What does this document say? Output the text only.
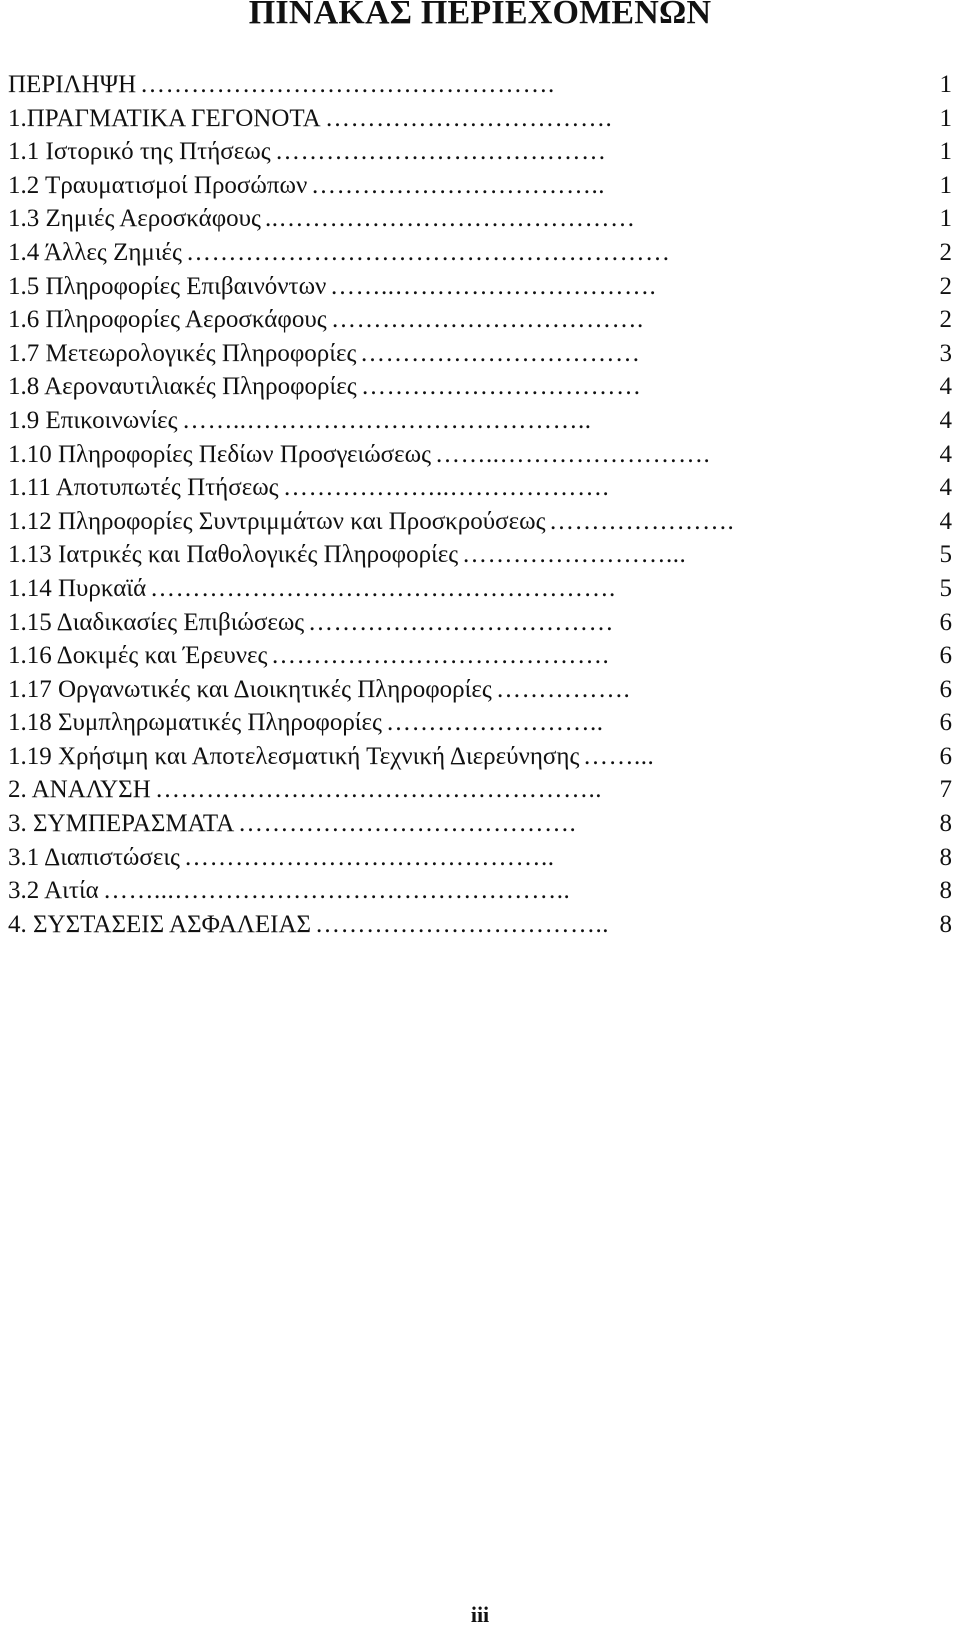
ΠΙΝΑΚΑΣ ΠΕΡΙΕΧΟΜΕΝΩΝ
ΠΕΡΙΛΗΨΗ ………………………………………….	1
1.ΠΡΑΓΜΑΤΙΚΑ ΓΕΓΟΝΟΤΑ …………………………….	1
1.1 Ιστορικό της Πτήσεως …………………………………	1
1.2 Τραυματισμοί Προσώπων ……………………………..	1
1.3 Ζημιές Αεροσκάφους ..……………………………………	1
1.4 Άλλες Ζημιές …………………………………………………	2
1.5 Πληροφορίες Επιβαινόντων ……..………………………….	2
1.6 Πληροφορίες Αεροσκάφους ……………………………….	2
1.7 Μετεωρολογικές Πληροφορίες ……………………………	3
1.8 Αεροναυτιλιακές Πληροφορίες ……………………………	4
1.9 Επικοινωνίες ……..…………………………………..	4
1.10 Πληροφορίες Πεδίων Προσγειώσεως ……..…………………….	4
1.11 Αποτυπωτές Πτήσεως ………………..……………….	4
1.12 Πληροφορίες Συντριμμάτων και Προσκρούσεως ………………….	4
1.13 Ιατρικές και Παθολογικές Πληροφορίες ……………………...	5
1.14 Πυρκαϊά ……………………………………………….	5
1.15 Διαδικασίες Επιβιώσεως ………………………………	6
1.16 Δοκιμές και Έρευνες ………………………………….	6
1.17 Οργανωτικές και Διοικητικές Πληροφορίες …………….	6
1.18 Συμπληρωματικές Πληροφορίες ……………………..	6
1.19 Χρήσιμη και Αποτελεσματική Τεχνική Διερεύνησης ……...	6
2. ΑΝΑΛΥΣΗ ……………………………………………..	7
3. ΣΥΜΠΕΡΑΣΜΑΤΑ ………………………………….	8
3.1 Διαπιστώσεις ……………………………………..	8
3.2 Αιτία ……...………………………………………..	8
4. ΣΥΣΤΑΣΕΙΣ ΑΣΦΑΛΕΙΑΣ ……………………………..	8
iii
